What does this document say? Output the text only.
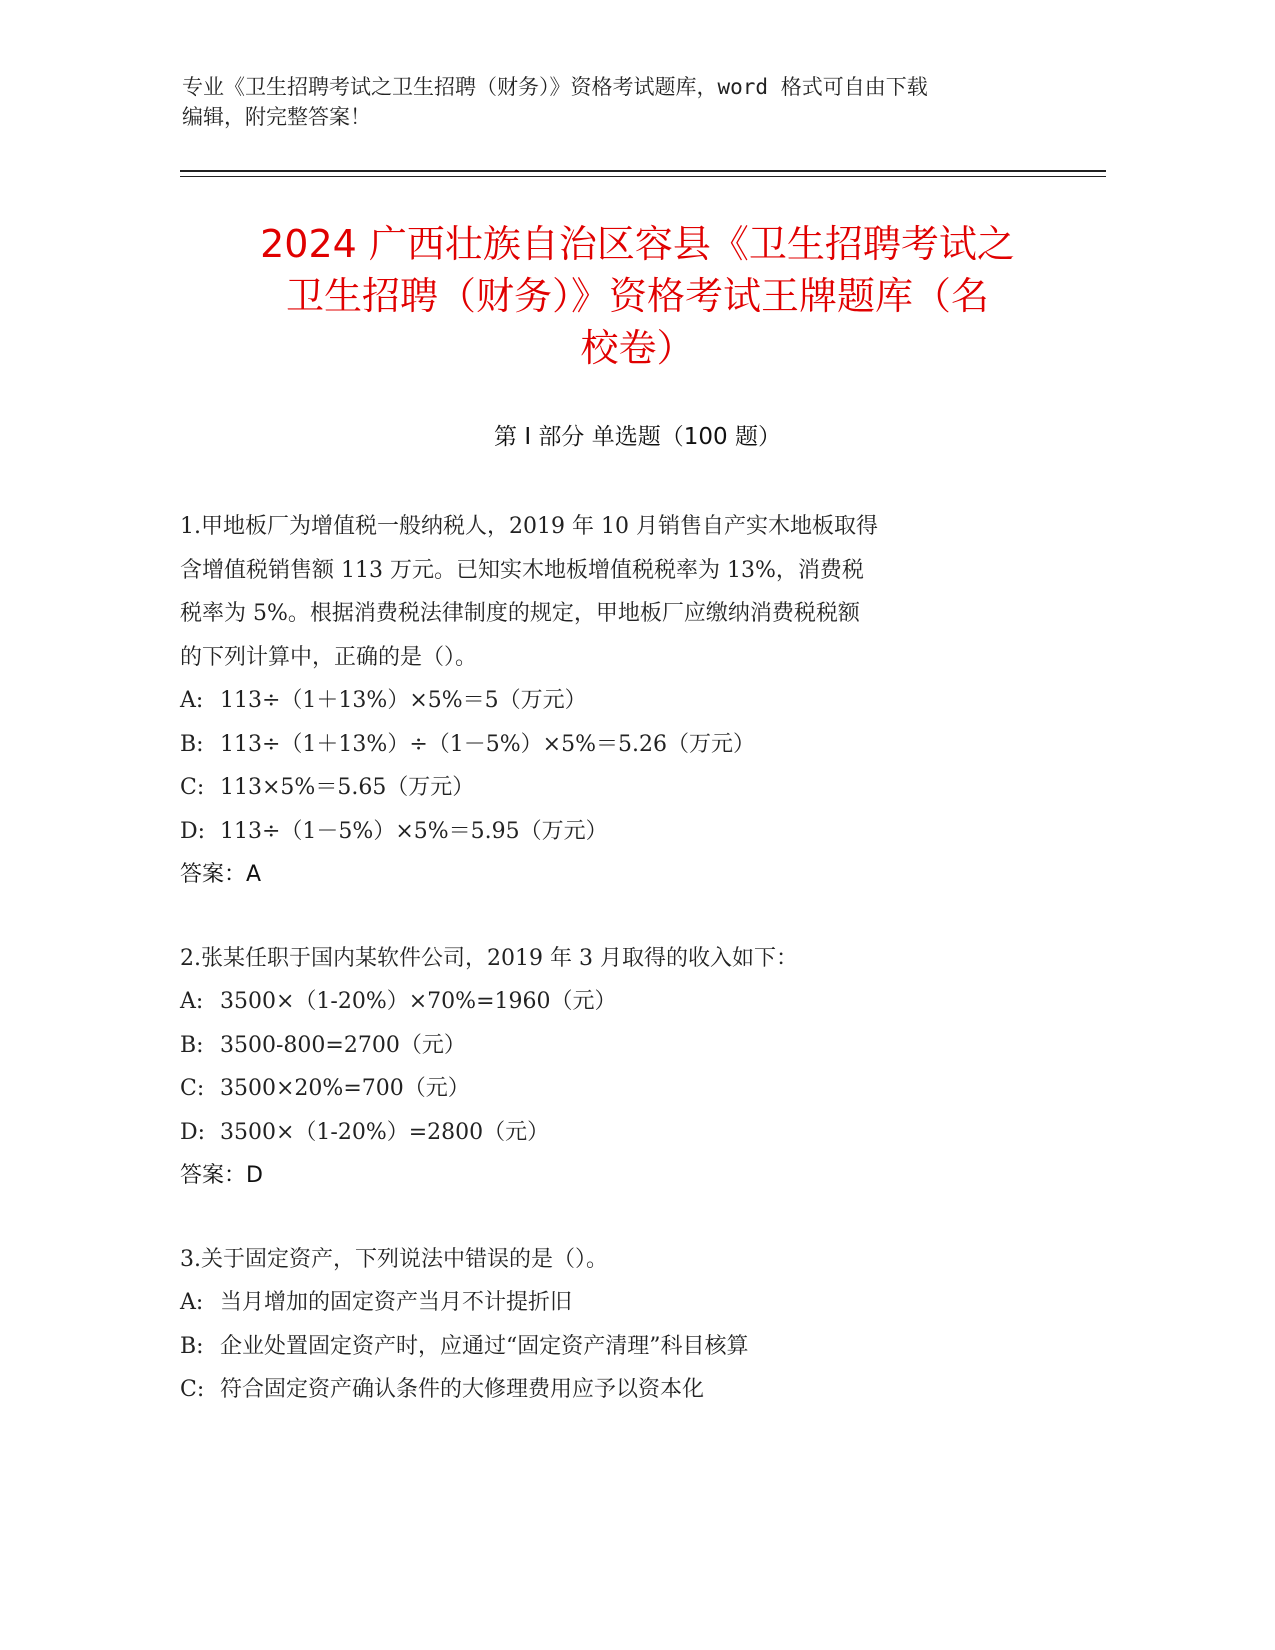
专业《卫生招聘考试之卫生招聘（财务）》资格考试题库，word 格式可自由下载
编辑，附完整答案！
2024 广西壮族自治区容县《卫生招聘考试之
卫生招聘（财务）》资格考试王牌题库（名
校卷）
第 I 部分 单选题（100 题）
1.甲地板厂为增值税一般纳税人，2019 年 10 月销售自产实木地板取得
含增值税销售额 113 万元。已知实木地板增值税税率为 13%，消费税
税率为 5%。根据消费税法律制度的规定，甲地板厂应缴纳消费税税额
的下列计算中，正确的是（）。
A: 113÷（1＋13%）×5%＝5（万元）
B: 113÷（1＋13%）÷（1－5%）×5%＝5.26（万元）
C: 113×5%＝5.65（万元）
D: 113÷（1－5%）×5%＝5.95（万元）
答案：A
2.张某任职于国内某软件公司，2019 年 3 月取得的收入如下：
A: 3500×（1-20%）×70%=1960（元）
B: 3500-800=2700（元）
C: 3500×20%=700（元）
D: 3500×（1-20%）=2800（元）
答案：D
3.关于固定资产，下列说法中错误的是（）。
A: 当月增加的固定资产当月不计提折旧
B: 企业处置固定资产时，应通过“固定资产清理”科目核算
C: 符合固定资产确认条件的大修理费用应予以资本化
